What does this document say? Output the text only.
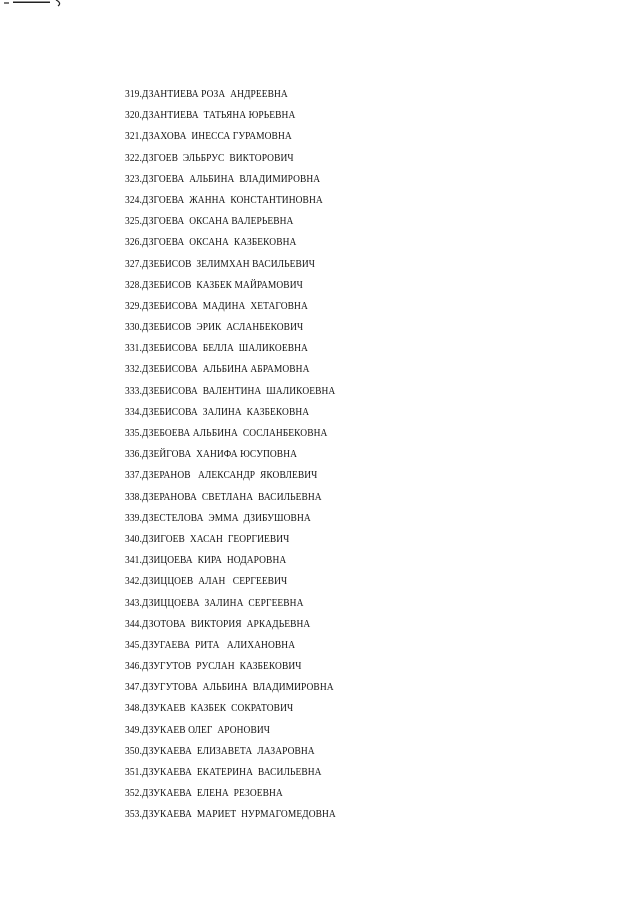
319.ДЗАНТИЕВА РОЗА  АНДРЕЕВНА
320.ДЗАНТИЕВА  ТАТЬЯНА ЮРЬЕВНА
321.ДЗАХОВА  ИНЕССА ГУРАМОВНА
322.ДЗГОЕВ  ЭЛЬБРУС  ВИКТОРОВИЧ
323.ДЗГОЕВА  АЛЬБИНА  ВЛАДИМИРОВНА
324.ДЗГОЕВА  ЖАННА  КОНСТАНТИНОВНА
325.ДЗГОЕВА  ОКСАНА ВАЛЕРЬЕВНА
326.ДЗГОЕВА  ОКСАНА  КАЗБЕКОВНА
327.ДЗЕБИСОВ  ЗЕЛИМХАН ВАСИЛЬЕВИЧ
328.ДЗЕБИСОВ  КАЗБЕК МАЙРАМОВИЧ
329.ДЗЕБИСОВА  МАДИНА  ХЕТАГОВНА
330.ДЗЕБИСОВ  ЭРИК  АСЛАНБЕКОВИЧ
331.ДЗЕБИСОВА  БЕЛЛА  ШАЛИКОЕВНА
332.ДЗЕБИСОВА  АЛЬБИНА АБРАМОВНА
333.ДЗЕБИСОВА  ВАЛЕНТИНА  ШАЛИКОЕВНА
334.ДЗЕБИСОВА  ЗАЛИНА  КАЗБЕКОВНА
335.ДЗЕБОЕВА АЛЬБИНА  СОСЛАНБЕКОВНА
336.ДЗЕЙГОВА  ХАНИФА ЮСУПОВНА
337.ДЗЕРАНОВ   АЛЕКСАНДР  ЯКОВЛЕВИЧ
338.ДЗЕРАНОВА  СВЕТЛАНА  ВАСИЛЬЕВНА
339.ДЗЕСТЕЛОВА  ЭММА  ДЗИБУШОВНА
340.ДЗИГОЕВ  ХАСАН  ГЕОРГИЕВИЧ
341.ДЗИЦОЕВА  КИРА  НОДАРОВНА
342.ДЗИЦЦОЕВ  АЛАН   СЕРГЕЕВИЧ
343.ДЗИЦЦОЕВА  ЗАЛИНА  СЕРГЕЕВНА
344.ДЗОТОВА  ВИКТОРИЯ  АРКАДЬЕВНА
345.ДЗУГАЕВА  РИТА   АЛИХАНОВНА
346.ДЗУГУТОВ  РУСЛАН  КАЗБЕКОВИЧ
347.ДЗУГУТОВА  АЛЬБИНА  ВЛАДИМИРОВНА
348.ДЗУКАЕВ  КАЗБЕК  СОКРАТОВИЧ
349.ДЗУКАЕВ ОЛЕГ  АРОНОВИЧ
350.ДЗУКАЕВА  ЕЛИЗАВЕТА  ЛАЗАРОВНА
351.ДЗУКАЕВА  ЕКАТЕРИНА  ВАСИЛЬЕВНА
352.ДЗУКАЕВА  ЕЛЕНА  РЕЗОЕВНА
353.ДЗУКАЕВА  МАРИЕТ  НУРМАГОМЕДОВНА
